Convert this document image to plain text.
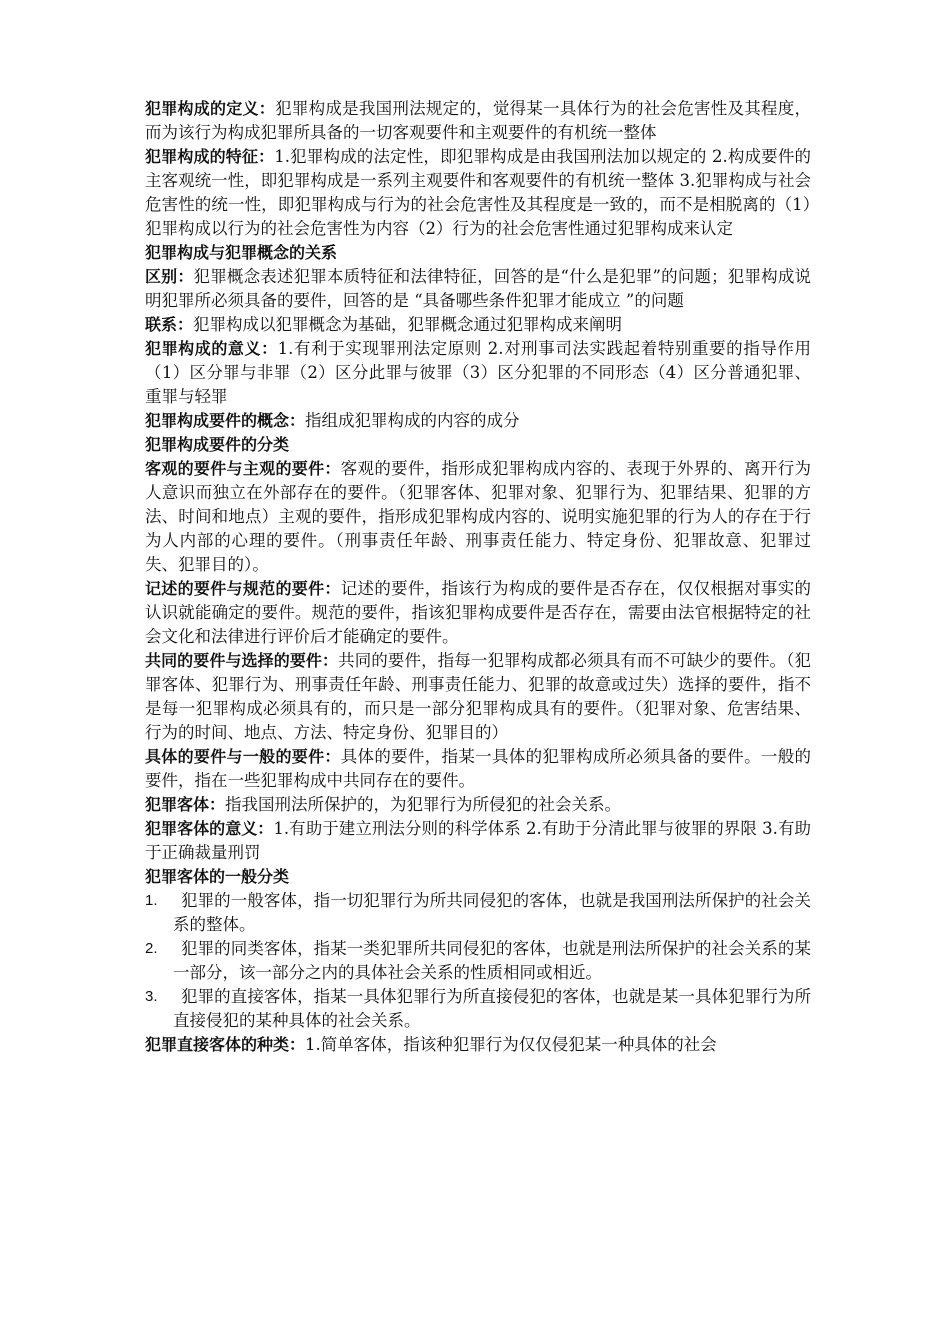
犯罪构成的定义：犯罪构成是我国刑法规定的，觉得某一具体行为的社会危害性及其程度，而为该行为构成犯罪所具备的一切客观要件和主观要件的有机统一整体

犯罪构成的特征：1.犯罪构成的法定性，即犯罪构成是由我国刑法加以规定的 2.构成要件的主客观统一性，即犯罪构成是一系列主观要件和客观要件的有机统一整体 3.犯罪构成与社会危害性的统一性，即犯罪构成与行为的社会危害性及其程度是一致的，而不是相脱离的（1）犯罪构成以行为的社会危害性为内容（2）行为的社会危害性通过犯罪构成来认定

犯罪构成与犯罪概念的关系

区别：犯罪概念表述犯罪本质特征和法律特征，回答的是“什么是犯罪”的问题；犯罪构成说明犯罪所必须具备的要件，回答的是 “具备哪些条件犯罪才能成立 ”的问题

联系：犯罪构成以犯罪概念为基础，犯罪概念通过犯罪构成来阐明

犯罪构成的意义：1.有利于实现罪刑法定原则 2.对刑事司法实践起着特别重要的指导作用（1）区分罪与非罪（2）区分此罪与彼罪（3）区分犯罪的不同形态（4）区分普通犯罪、重罪与轻罪

犯罪构成要件的概念：指组成犯罪构成的内容的成分

犯罪构成要件的分类

客观的要件与主观的要件：客观的要件，指形成犯罪构成内容的、表现于外界的、离开行为人意识而独立在外部存在的要件。（犯罪客体、犯罪对象、犯罪行为、犯罪结果、犯罪的方法、时间和地点）主观的要件，指形成犯罪构成内容的、说明实施犯罪的行为人的存在于行为人内部的心理的要件。（刑事责任年龄、刑事责任能力、特定身份、犯罪故意、犯罪过失、犯罪目的）。

记述的要件与规范的要件：记述的要件，指该行为构成的要件是否存在，仅仅根据对事实的认识就能确定的要件。规范的要件，指该犯罪构成要件是否存在，需要由法官根据特定的社会文化和法律进行评价后才能确定的要件。

共同的要件与选择的要件：共同的要件，指每一犯罪构成都必须具有而不可缺少的要件。（犯罪客体、犯罪行为、刑事责任年龄、刑事责任能力、犯罪的故意或过失）选择的要件，指不是每一犯罪构成必须具有的，而只是一部分犯罪构成具有的要件。（犯罪对象、危害结果、行为的时间、地点、方法、特定身份、犯罪目的）

具体的要件与一般的要件：具体的要件，指某一具体的犯罪构成所必须具备的要件。一般的要件，指在一些犯罪构成中共同存在的要件。

犯罪客体：指我国刑法所保护的，为犯罪行为所侵犯的社会关系。

犯罪客体的意义：1.有助于建立刑法分则的科学体系 2.有助于分清此罪与彼罪的界限 3.有助于正确裁量刑罚

犯罪客体的一般分类

1.	犯罪的一般客体，指一切犯罪行为所共同侵犯的客体，也就是我国刑法所保护的社会关系的整体。
2.	犯罪的同类客体，指某一类犯罪所共同侵犯的客体，也就是刑法所保护的社会关系的某一部分，该一部分之内的具体社会关系的性质相同或相近。
3.	犯罪的直接客体，指某一具体犯罪行为所直接侵犯的客体，也就是某一具体犯罪行为所直接侵犯的某种具体的社会关系。

犯罪直接客体的种类：1.简单客体，指该种犯罪行为仅仅侵犯某一种具体的社会
